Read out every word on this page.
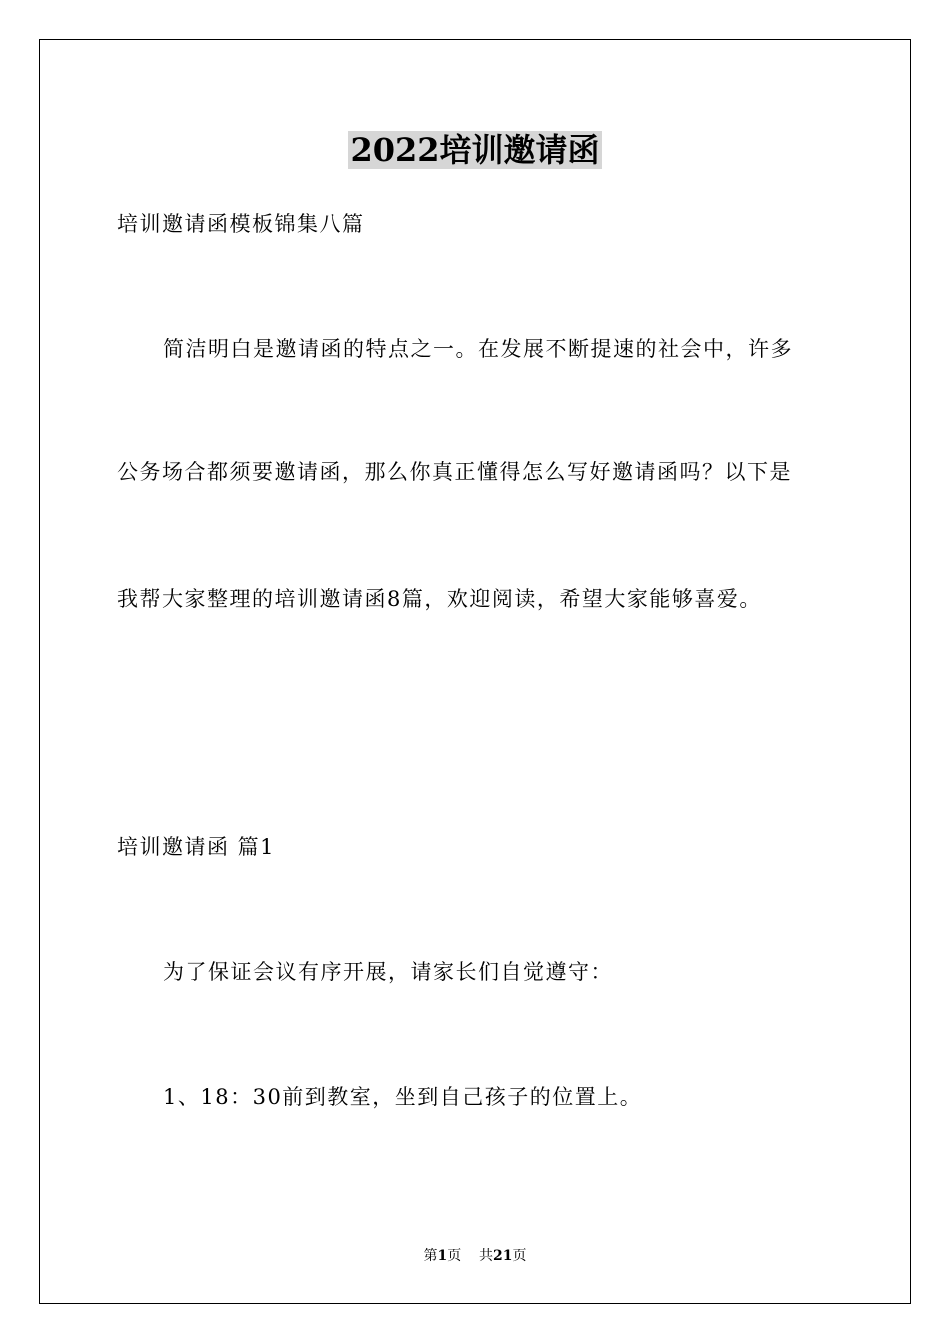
2022培训邀请函
培训邀请函模板锦集八篇
简洁明白是邀请函的特点之一。在发展不断提速的社会中，许多
公务场合都须要邀请函，那么你真正懂得怎么写好邀请函吗？以下是
我帮大家整理的培训邀请函8篇，欢迎阅读，希望大家能够喜爱。
培训邀请函 篇1
为了保证会议有序开展，请家长们自觉遵守：
1、18：30前到教室，坐到自己孩子的位置上。
第1页 共21页
